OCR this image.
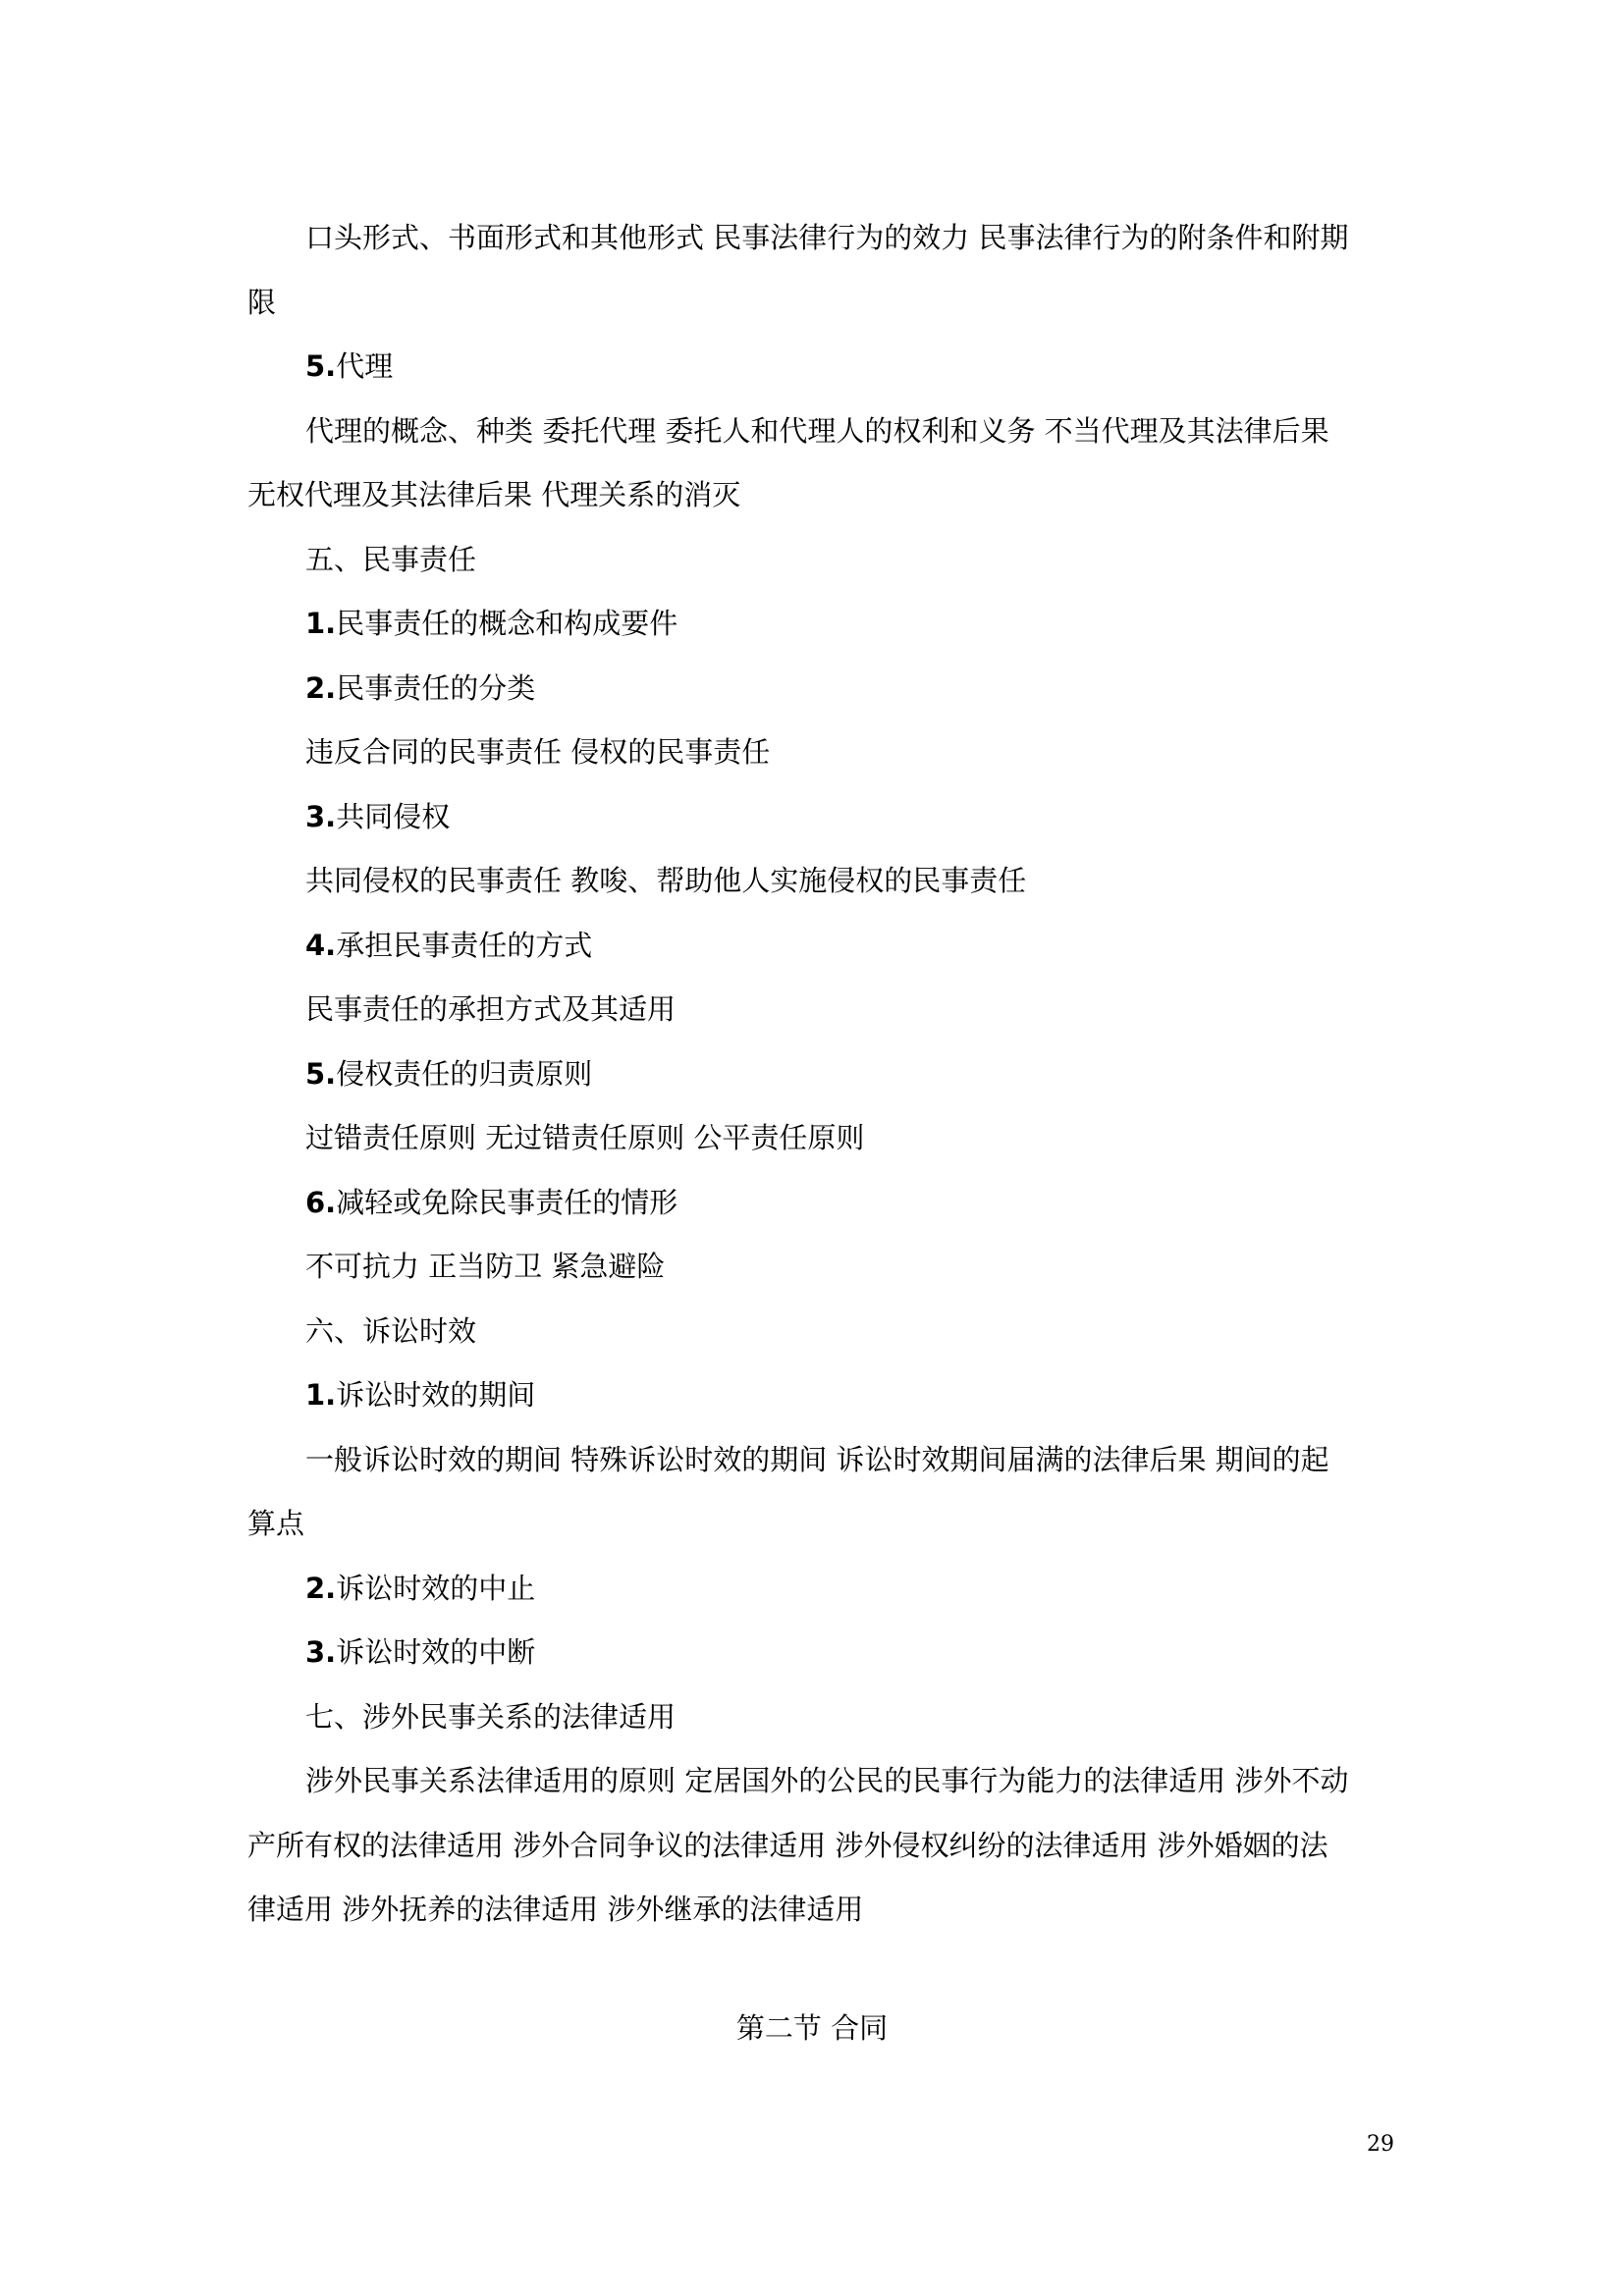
口头形式、书面形式和其他形式 民事法律行为的效力 民事法律行为的附条件和附期
限
5.代理
代理的概念、种类 委托代理 委托人和代理人的权利和义务 不当代理及其法律后果
无权代理及其法律后果 代理关系的消灭
五、民事责任
1.民事责任的概念和构成要件
2.民事责任的分类
违反合同的民事责任 侵权的民事责任
3.共同侵权
共同侵权的民事责任 教唆、帮助他人实施侵权的民事责任
4.承担民事责任的方式
民事责任的承担方式及其适用
5.侵权责任的归责原则
过错责任原则 无过错责任原则 公平责任原则
6.减轻或免除民事责任的情形
不可抗力 正当防卫 紧急避险
六、诉讼时效
1.诉讼时效的期间
一般诉讼时效的期间 特殊诉讼时效的期间 诉讼时效期间届满的法律后果 期间的起
算点
2.诉讼时效的中止
3.诉讼时效的中断
七、涉外民事关系的法律适用
涉外民事关系法律适用的原则 定居国外的公民的民事行为能力的法律适用 涉外不动
产所有权的法律适用 涉外合同争议的法律适用 涉外侵权纠纷的法律适用 涉外婚姻的法
律适用 涉外抚养的法律适用 涉外继承的法律适用
第二节 合同
29
